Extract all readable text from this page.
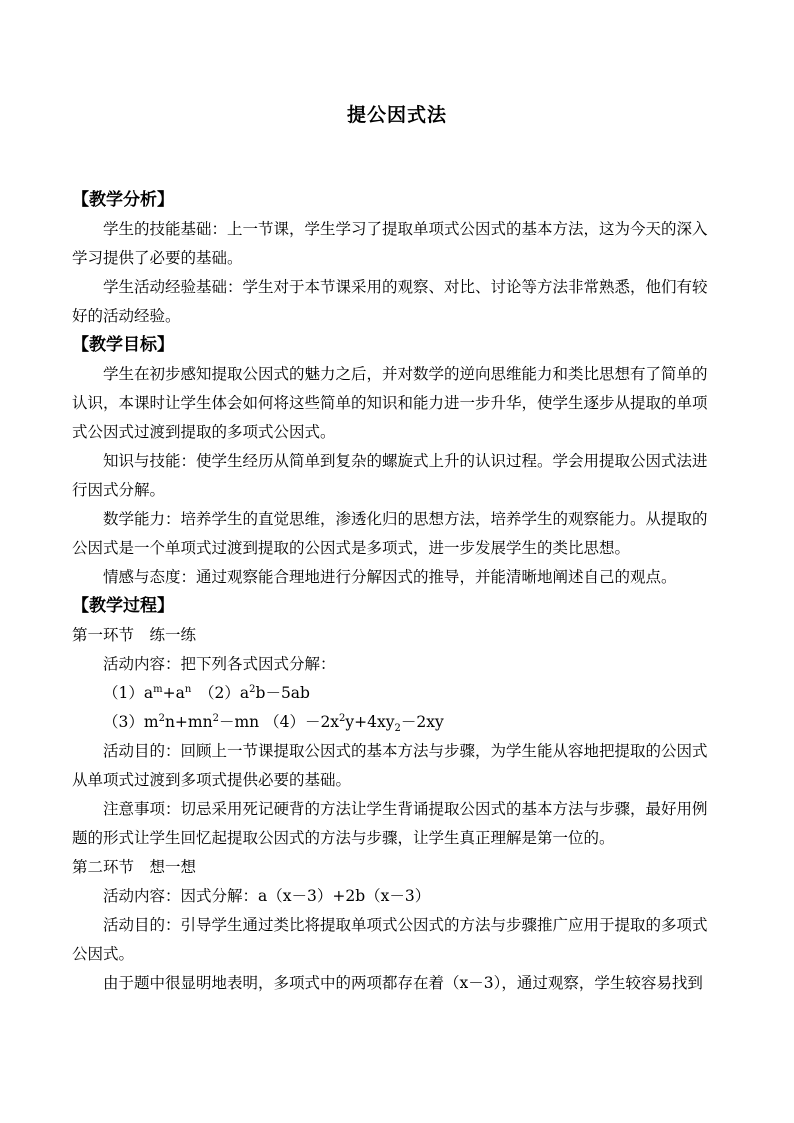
提公因式法

【教学分析】

学生的技能基础：上一节课，学生学习了提取单项式公因式的基本方法，这为今天的深入

学习提供了必要的基础。

学生活动经验基础：学生对于本节课采用的观察、对比、讨论等方法非常熟悉，他们有较

好的活动经验。

【教学目标】

学生在初步感知提取公因式的魅力之后，并对数学的逆向思维能力和类比思想有了简单的

认识，本课时让学生体会如何将这些简单的知识和能力进一步升华，使学生逐步从提取的单项

式公因式过渡到提取的多项式公因式。

知识与技能：使学生经历从简单到复杂的螺旋式上升的认识过程。学会用提取公因式法进

行因式分解。

数学能力：培养学生的直觉思维，渗透化归的思想方法，培养学生的观察能力。从提取的

公因式是一个单项式过渡到提取的公因式是多项式，进一步发展学生的类比思想。

情感与态度：通过观察能合理地进行分解因式的推导，并能清晰地阐述自己的观点。

【教学过程】

第一环节　练一练

活动内容：把下列各式因式分解：

$(1)a^m+a^n$　$(2)a^2b-5ab$

$(3)m^2n+mn^2-mn$ $(4)-2x^2y+4xy_2-2xy$

活动目的：回顾上一节课提取公因式的基本方法与步骤，为学生能从容地把提取的公因式

从单项式过渡到多项式提供必要的基础。

注意事项：切忌采用死记硬背的方法让学生背诵提取公因式的基本方法与步骤，最好用例

题的形式让学生回忆起提取公因式的方法与步骤，让学生真正理解是第一位的。

第二环节　想一想

活动内容：因式分解：a（x－3）+2b（x－3）

活动目的：引导学生通过类比将提取单项式公因式的方法与步骤推广应用于提取的多项式

公因式。

由于题中很显明地表明，多项式中的两项都存在着（x－3），通过观察，学生较容易找到
